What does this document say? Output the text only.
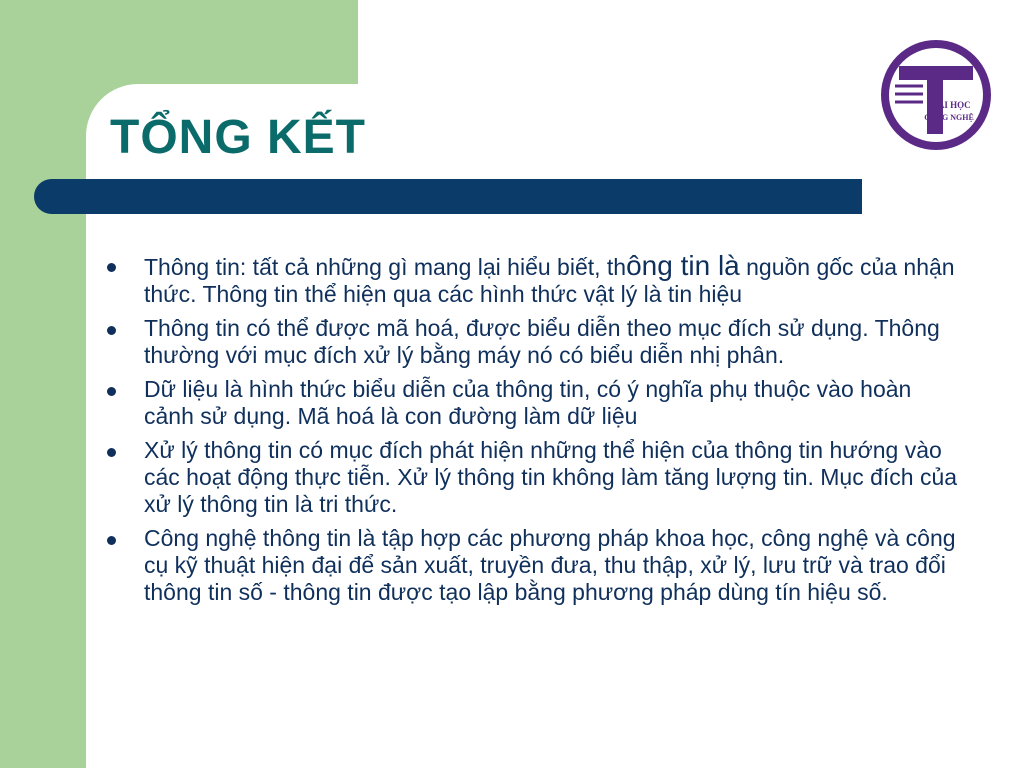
TỔNG KẾT
ĐẠI HỌC
CÔNG NGHỆ
Thông tin: tất cả những gì mang lại hiểu biết, thông tin là nguồn gốc của nhận thức. Thông tin thể hiện qua các hình thức vật lý là tin hiệu
Thông tin có thể được mã hoá, được biểu diễn theo mục đích sử dụng. Thông thường với mục đích xử lý bằng máy nó có biểu diễn nhị phân.
Dữ liệu là hình thức biểu diễn của thông tin, có ý nghĩa phụ thuộc vào hoàn cảnh sử dụng. Mã hoá là con đường làm dữ liệu
Xử lý thông tin có mục đích phát hiện những thể hiện của thông tin hướng vào các hoạt động thực tiễn. Xử lý thông tin không làm tăng lượng tin. Mục đích của xử lý thông tin là tri thức.
Công nghệ thông tin là tập hợp các phương pháp khoa học, công nghệ và công cụ kỹ thuật hiện đại để sản xuất, truyền đưa, thu thập, xử lý, lưu trữ và trao đổi thông tin số - thông tin được tạo lập bằng phương pháp dùng tín hiệu số.
